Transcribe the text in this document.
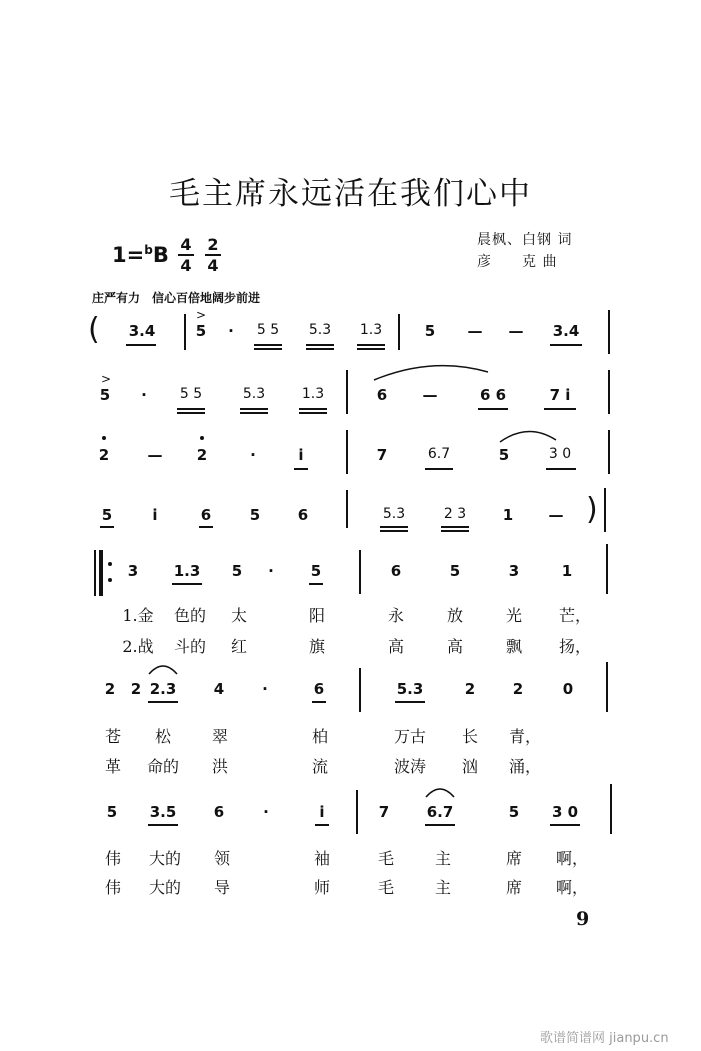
毛主席永远活在我们心中
1=$^b$B 4
4
2
4
晨枫、白钢 词
彦　　克 曲
庄严有力　信心百倍地阔步前进
( 3.4
>
5 · 5 5 5.3 1.3	5 — — 3.4
>
5 · 5 5	5.3	1.3	6 —	6 6	7 i
2	— 2	·	i	7	6.7	5	3 0
5	i	6	5	6	5.3	2 3 1 — )
3 1.3 5 · 5	6	5	3	1
1.金 色的 太	阳	永	放	光 芒，
2.战 斗的 红	旗	高	高	飘 扬，
2 2 2.3 4	·	6	5.3	2	2	0
苍 松	翠	柏	万古 长 青，
革 命的 洪	流	波涛 汹 涌，
5 3.5 6	·	i	7 6.7	5 3 0
伟 大的 领	袖	毛	主	席 啊，
伟 大的 导	师	毛	主	席 啊，
9
歌谱简谱网 jianpu.cn
